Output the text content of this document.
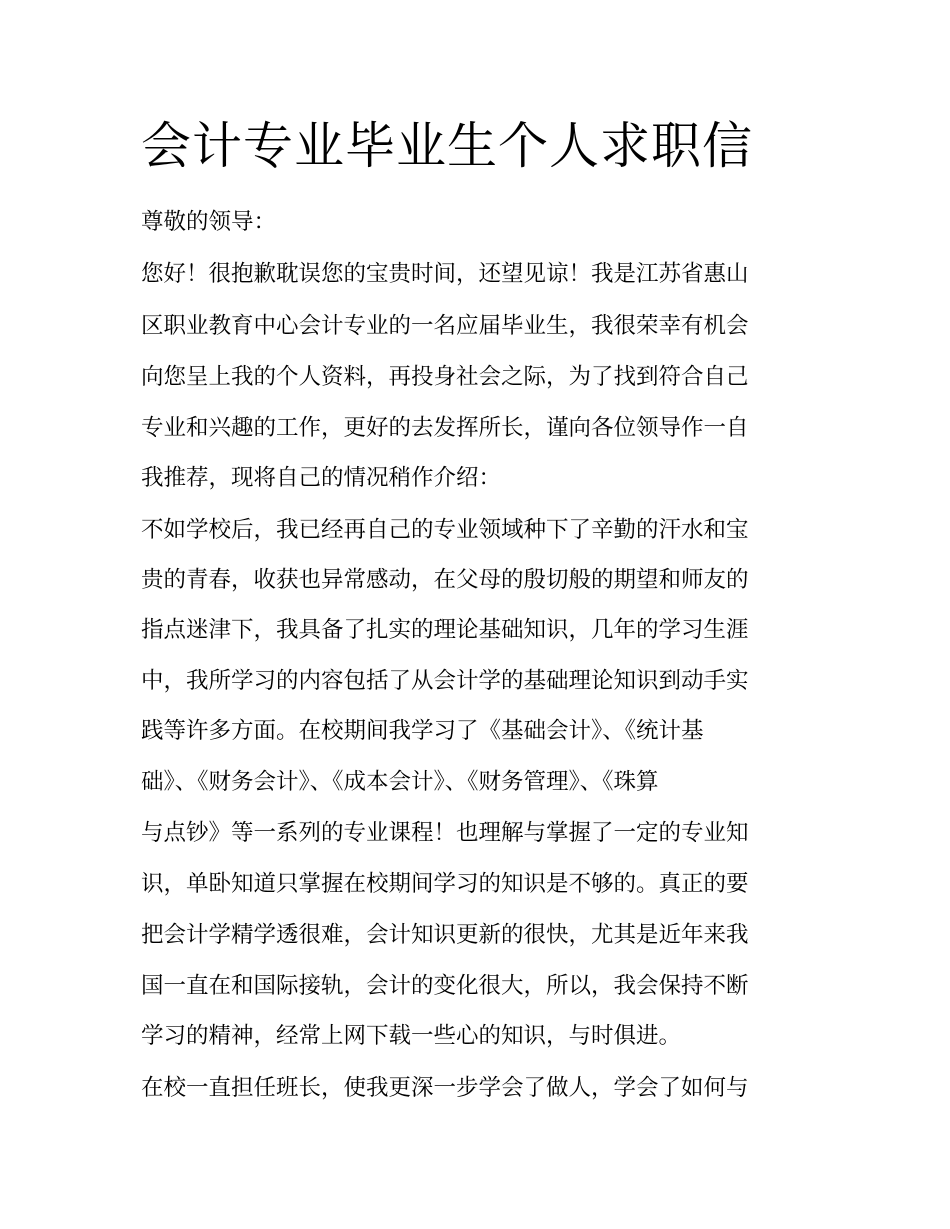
会计专业毕业生个人求职信
尊敬的领导：
您好！很抱歉耽误您的宝贵时间，还望见谅！我是江苏省惠山
区职业教育中心会计专业的一名应届毕业生，我很荣幸有机会
向您呈上我的个人资料，再投身社会之际，为了找到符合自己
专业和兴趣的工作，更好的去发挥所长，谨向各位领导作一自
我推荐，现将自己的情况稍作介绍：
不如学校后，我已经再自己的专业领域种下了辛勤的汗水和宝
贵的青春，收获也异常感动，在父母的殷切般的期望和师友的
指点迷津下，我具备了扎实的理论基础知识，几年的学习生涯
中，我所学习的内容包括了从会计学的基础理论知识到动手实
践等许多方面。在校期间我学习了《基础会计》、《统计基
础》、《财务会计》、《成本会计》、《财务管理》、《珠算
与点钞》等一系列的专业课程！也理解与掌握了一定的专业知
识，单卧知道只掌握在校期间学习的知识是不够的。真正的要
把会计学精学透很难，会计知识更新的很快，尤其是近年来我
国一直在和国际接轨，会计的变化很大，所以，我会保持不断
学习的精神，经常上网下载一些心的知识，与时俱进。
在校一直担任班长，使我更深一步学会了做人，学会了如何与
